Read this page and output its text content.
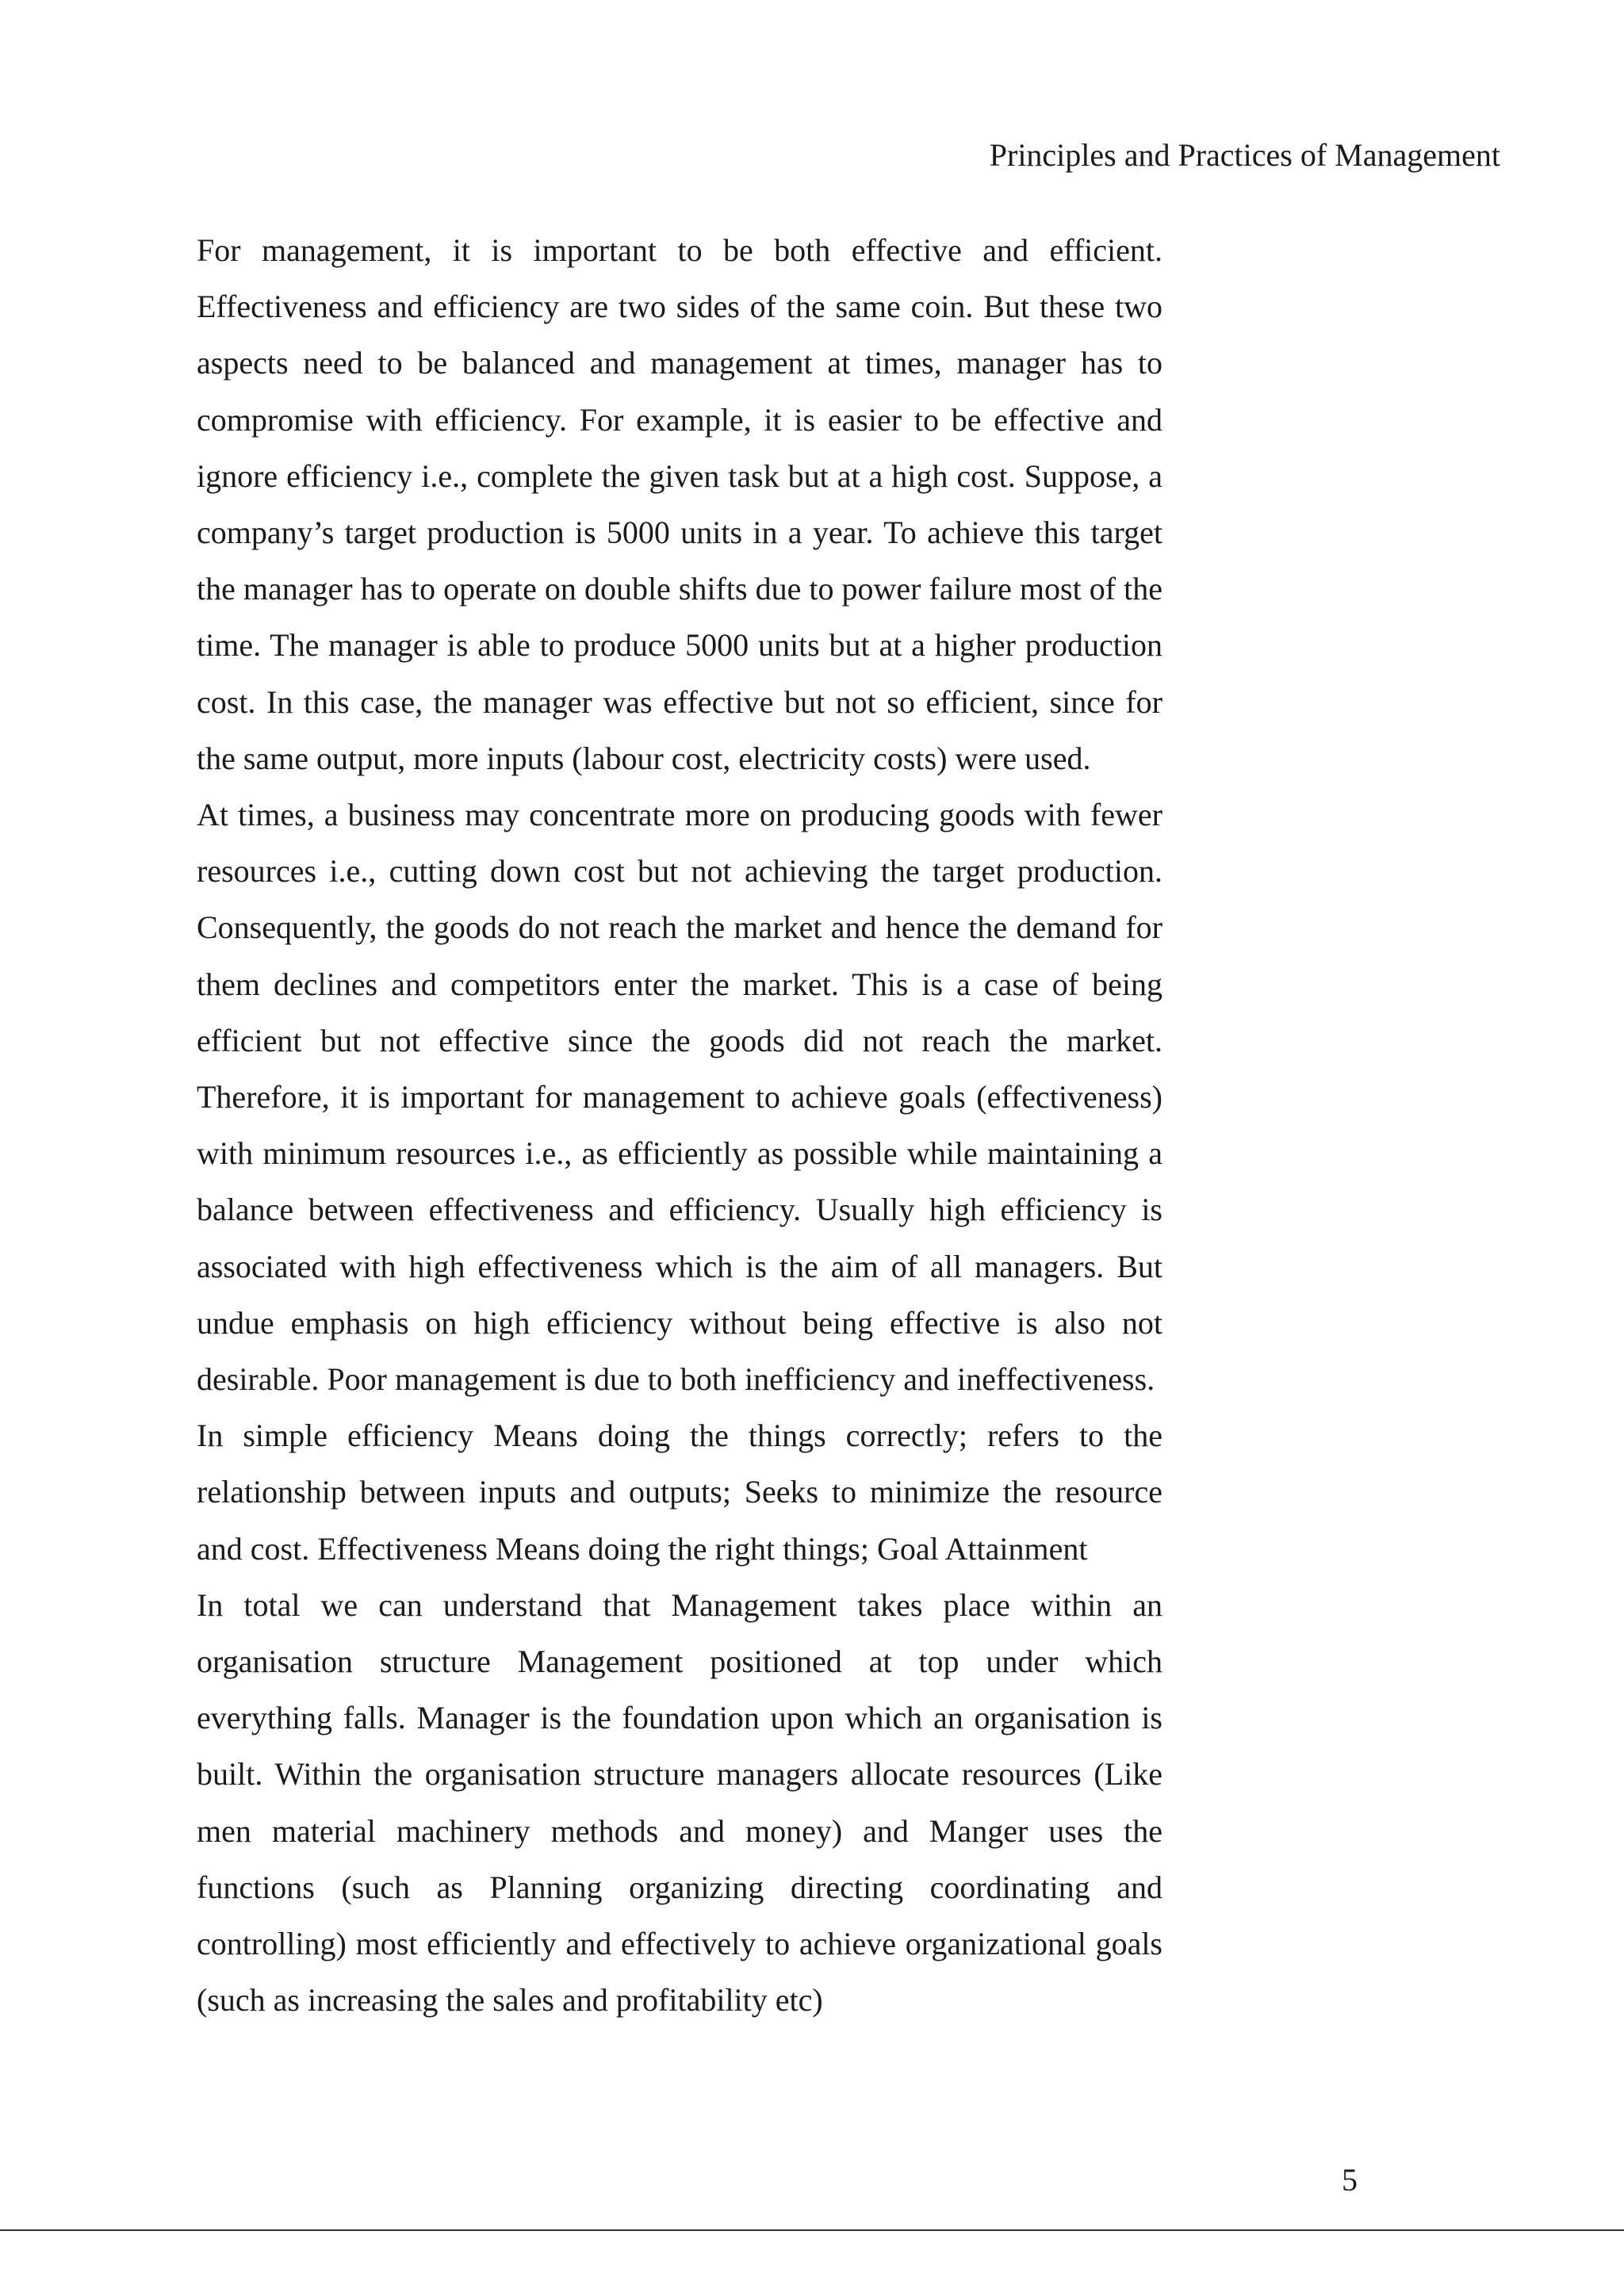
Principles and Practices of Management

For management, it is important to be both effective and efficient. Effectiveness and efficiency are two sides of the same coin. But these two aspects need to be balanced and management at times, manager has to compromise with efficiency. For example, it is easier to be effective and ignore efficiency i.e., complete the given task but at a high cost. Suppose, a company’s target production is 5000 units in a year. To achieve this target the manager has to operate on double shifts due to power failure most of the time. The manager is able to produce 5000 units but at a higher production cost. In this case, the manager was effective but not so efficient, since for the same output, more inputs (labour cost, electricity costs) were used.

At times, a business may concentrate more on producing goods with fewer resources i.e., cutting down cost but not achieving the target production. Consequently, the goods do not reach the market and hence the demand for them declines and competitors enter the market. This is a case of being efficient but not effective since the goods did not reach the market. Therefore, it is important for management to achieve goals (effectiveness) with minimum resources i.e., as efficiently as possible while maintaining a balance between effectiveness and efficiency. Usually high efficiency is associated with high effectiveness which is the aim of all managers. But undue emphasis on high efficiency without being effective is also not desirable. Poor management is due to both inefficiency and ineffectiveness.

In simple efficiency Means doing the things correctly; refers to the relationship between inputs and outputs; Seeks to minimize the resource and cost. Effectiveness Means doing the right things; Goal Attainment

In total we can understand that Management takes place within an organisation structure Management positioned at top under which everything falls. Manager is the foundation upon which an organisation is built. Within the organisation structure managers allocate resources (Like men material machinery methods and money) and Manger uses the functions (such as Planning organizing directing coordinating and controlling) most efficiently and effectively to achieve organizational goals (such as increasing the sales and profitability etc)

5
